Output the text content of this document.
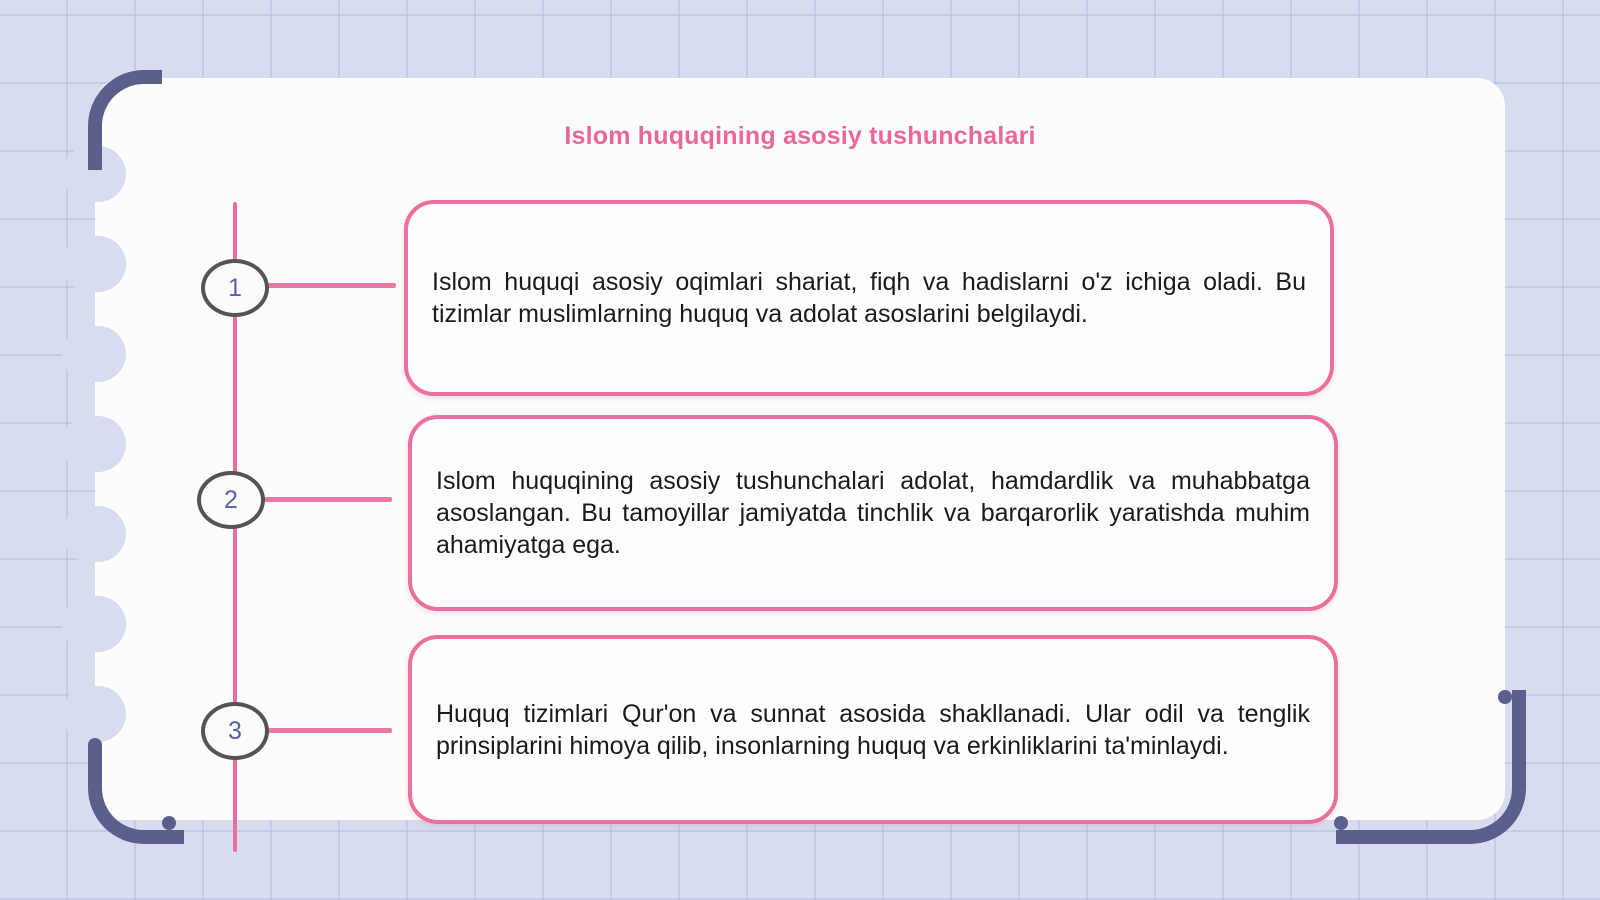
Islom huquqining asosiy tushunchalari
1
2
3

Islom huquqi asosiy oqimlari shariat, fiqh va hadislarni o'z ichiga oladi. Bu tizimlar muslimlarning huquq va adolat asoslarini belgilaydi.

Islom huquqining asosiy tushunchalari adolat, hamdardlik va muhabbatga asoslangan. Bu tamoyillar jamiyatda tinchlik va barqarorlik yaratishda muhim ahamiyatga ega.

Huquq tizimlari Qur'on va sunnat asosida shakllanadi. Ular odil va tenglik prinsiplarini himoya qilib, insonlarning huquq va erkinliklarini ta'minlaydi.
